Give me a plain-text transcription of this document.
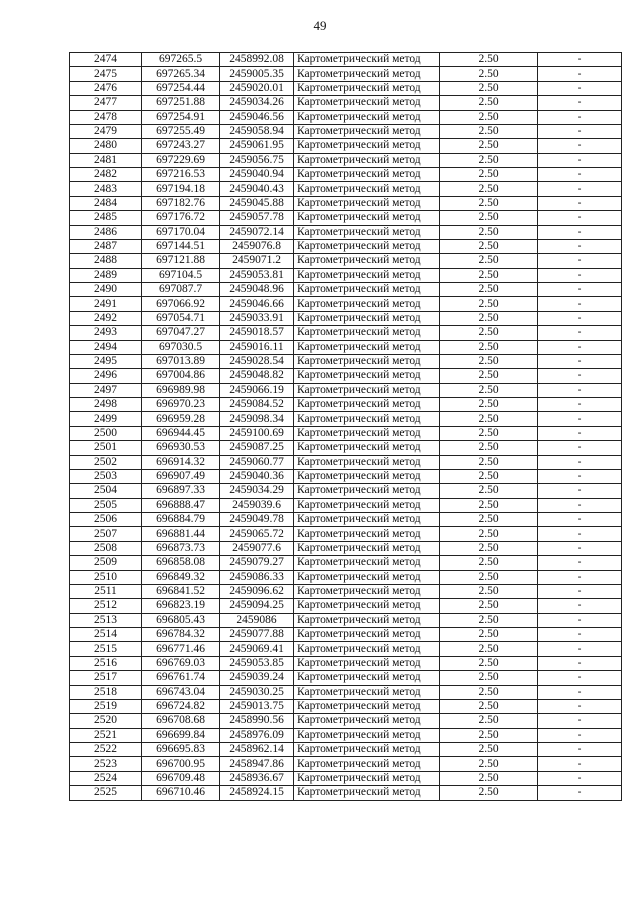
49
2474	697265.5	2458992.08	Картометрический метод	2.50	-
2475	697265.34	2459005.35	Картометрический метод	2.50	-
2476	697254.44	2459020.01	Картометрический метод	2.50	-
2477	697251.88	2459034.26	Картометрический метод	2.50	-
2478	697254.91	2459046.56	Картометрический метод	2.50	-
2479	697255.49	2459058.94	Картометрический метод	2.50	-
2480	697243.27	2459061.95	Картометрический метод	2.50	-
2481	697229.69	2459056.75	Картометрический метод	2.50	-
2482	697216.53	2459040.94	Картометрический метод	2.50	-
2483	697194.18	2459040.43	Картометрический метод	2.50	-
2484	697182.76	2459045.88	Картометрический метод	2.50	-
2485	697176.72	2459057.78	Картометрический метод	2.50	-
2486	697170.04	2459072.14	Картометрический метод	2.50	-
2487	697144.51	2459076.8	Картометрический метод	2.50	-
2488	697121.88	2459071.2	Картометрический метод	2.50	-
2489	697104.5	2459053.81	Картометрический метод	2.50	-
2490	697087.7	2459048.96	Картометрический метод	2.50	-
2491	697066.92	2459046.66	Картометрический метод	2.50	-
2492	697054.71	2459033.91	Картометрический метод	2.50	-
2493	697047.27	2459018.57	Картометрический метод	2.50	-
2494	697030.5	2459016.11	Картометрический метод	2.50	-
2495	697013.89	2459028.54	Картометрический метод	2.50	-
2496	697004.86	2459048.82	Картометрический метод	2.50	-
2497	696989.98	2459066.19	Картометрический метод	2.50	-
2498	696970.23	2459084.52	Картометрический метод	2.50	-
2499	696959.28	2459098.34	Картометрический метод	2.50	-
2500	696944.45	2459100.69	Картометрический метод	2.50	-
2501	696930.53	2459087.25	Картометрический метод	2.50	-
2502	696914.32	2459060.77	Картометрический метод	2.50	-
2503	696907.49	2459040.36	Картометрический метод	2.50	-
2504	696897.33	2459034.29	Картометрический метод	2.50	-
2505	696888.47	2459039.6	Картометрический метод	2.50	-
2506	696884.79	2459049.78	Картометрический метод	2.50	-
2507	696881.44	2459065.72	Картометрический метод	2.50	-
2508	696873.73	2459077.6	Картометрический метод	2.50	-
2509	696858.08	2459079.27	Картометрический метод	2.50	-
2510	696849.32	2459086.33	Картометрический метод	2.50	-
2511	696841.52	2459096.62	Картометрический метод	2.50	-
2512	696823.19	2459094.25	Картометрический метод	2.50	-
2513	696805.43	2459086	Картометрический метод	2.50	-
2514	696784.32	2459077.88	Картометрический метод	2.50	-
2515	696771.46	2459069.41	Картометрический метод	2.50	-
2516	696769.03	2459053.85	Картометрический метод	2.50	-
2517	696761.74	2459039.24	Картометрический метод	2.50	-
2518	696743.04	2459030.25	Картометрический метод	2.50	-
2519	696724.82	2459013.75	Картометрический метод	2.50	-
2520	696708.68	2458990.56	Картометрический метод	2.50	-
2521	696699.84	2458976.09	Картометрический метод	2.50	-
2522	696695.83	2458962.14	Картометрический метод	2.50	-
2523	696700.95	2458947.86	Картометрический метод	2.50	-
2524	696709.48	2458936.67	Картометрический метод	2.50	-
2525	696710.46	2458924.15	Картометрический метод	2.50	-
